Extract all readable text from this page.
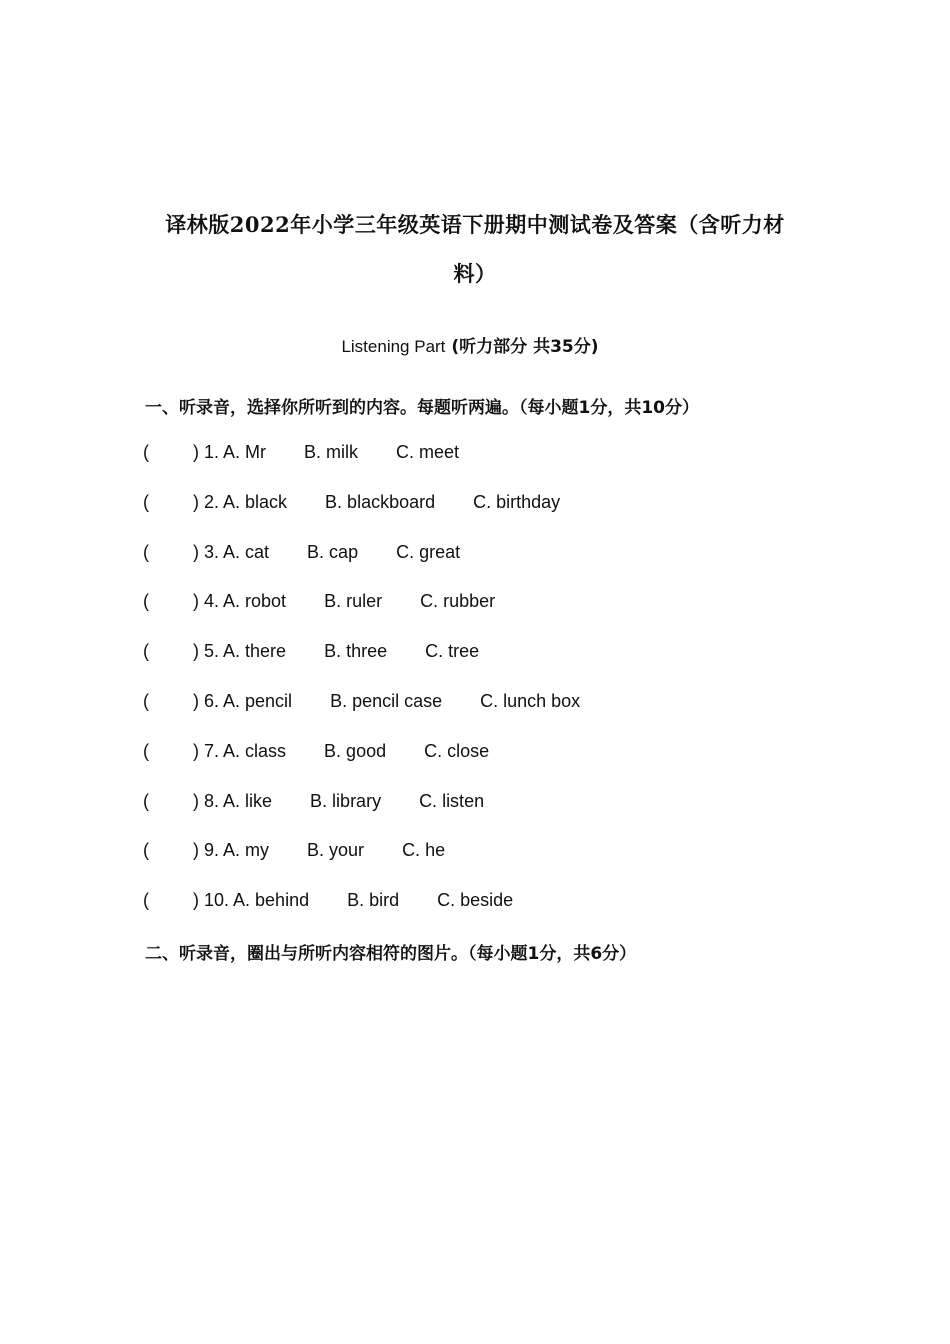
译林版2022年小学三年级英语下册期中测试卷及答案（含听力材
料）
Listening Part (听力部分 共35分)
一、听录音，选择你所听到的内容。每题听两遍。（每小题1分，共10分）
(	) 1. A. Mr B. milk C. meet
(	) 2. A. black B. blackboard C. birthday
(	) 3. A. cat B. cap C. great
(	) 4. A. robot B. ruler C. rubber
(	) 5. A. there B. three C. tree
(	) 6. A. pencil B. pencil case C. lunch box
(	) 7. A. class B. good C. close
(	) 8. A. like B. library C. listen
(	) 9. A. my B. your C. he
(	) 10. A. behind B. bird C. beside
二、听录音，圈出与所听内容相符的图片。（每小题1分，共6分）
